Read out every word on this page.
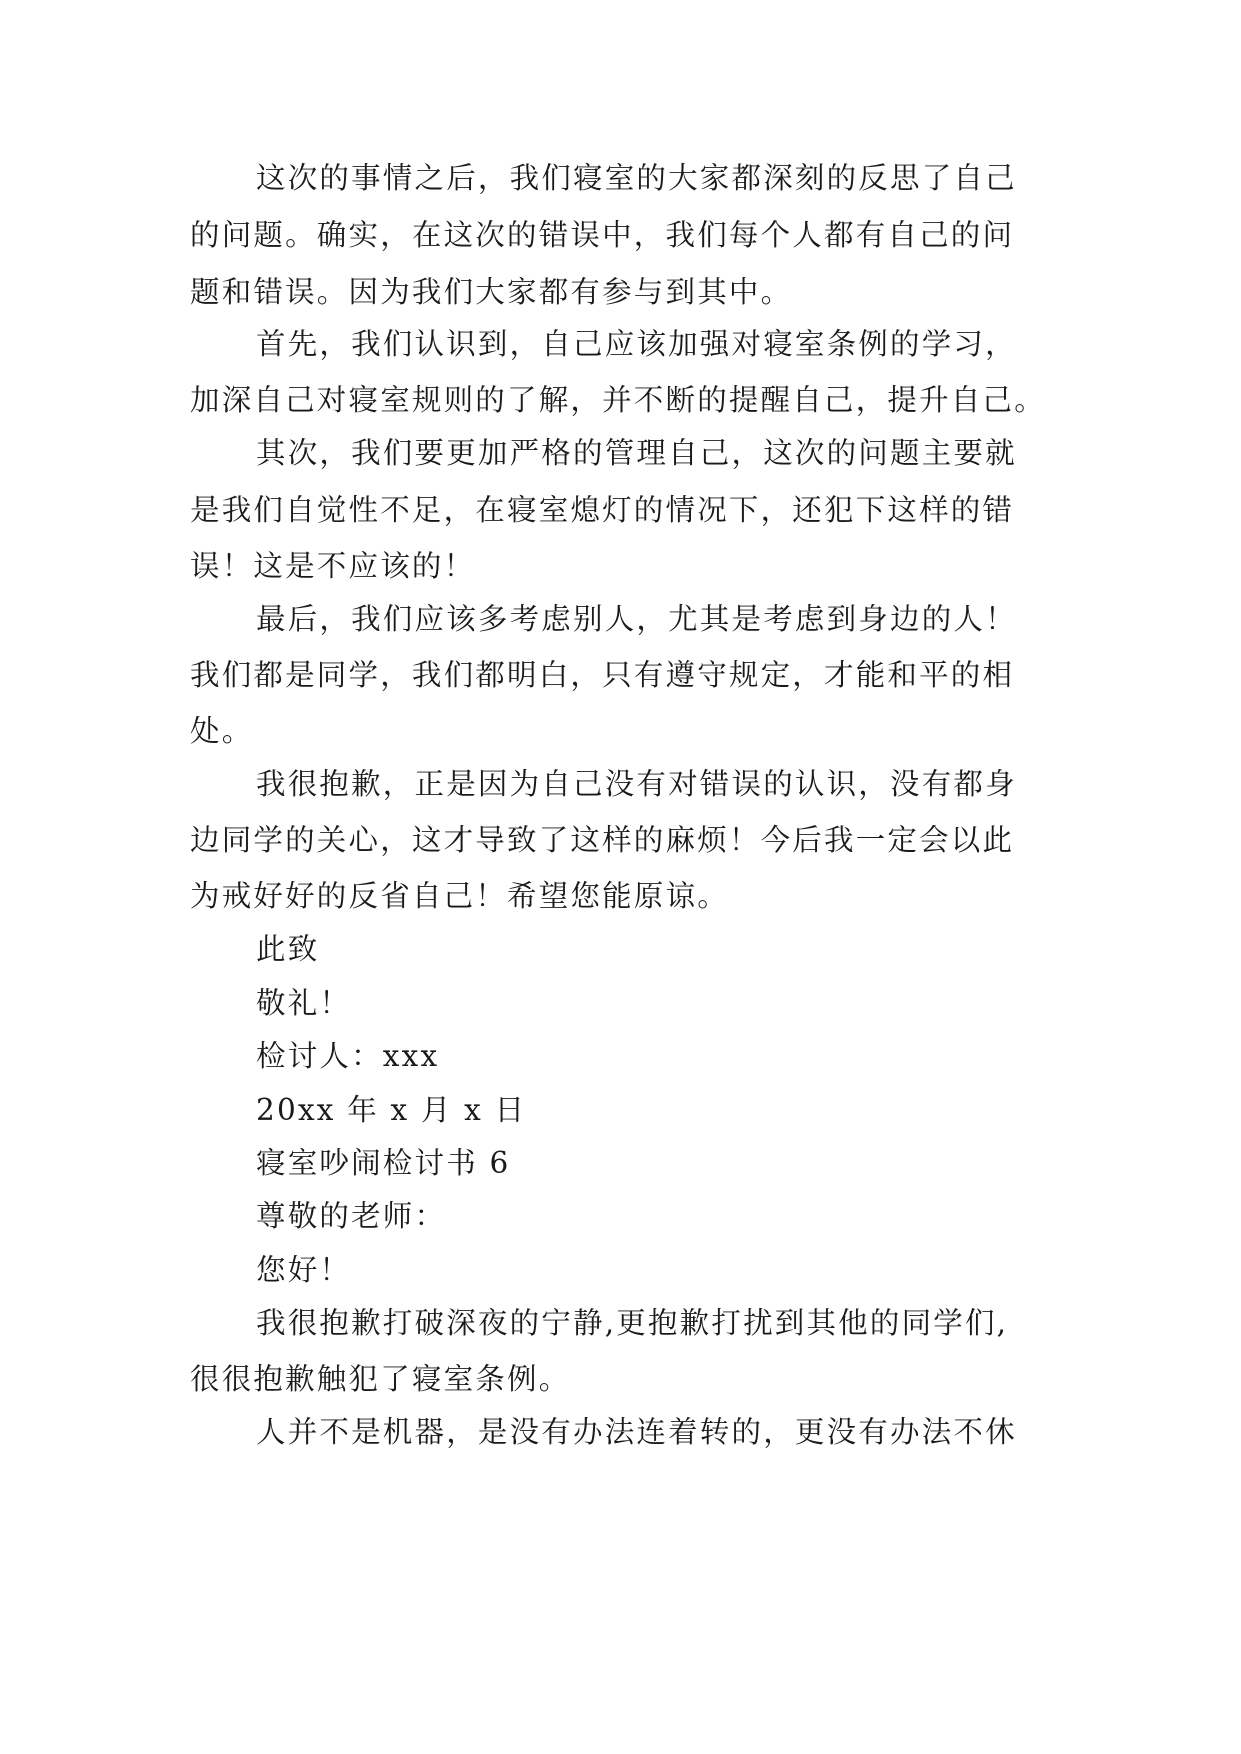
这次的事情之后，我们寝室的大家都深刻的反思了自己
的问题。确实，在这次的错误中，我们每个人都有自己的问
题和错误。因为我们大家都有参与到其中。
首先，我们认识到，自己应该加强对寝室条例的学习，
加深自己对寝室规则的了解，并不断的提醒自己，提升自己。
其次，我们要更加严格的管理自己，这次的问题主要就
是我们自觉性不足，在寝室熄灯的情况下，还犯下这样的错
误！这是不应该的！
最后，我们应该多考虑别人，尤其是考虑到身边的人！
我们都是同学，我们都明白，只有遵守规定，才能和平的相
处。
我很抱歉，正是因为自己没有对错误的认识，没有都身
边同学的关心，这才导致了这样的麻烦！今后我一定会以此
为戒好好的反省自己！希望您能原谅。
此致
敬礼！
检讨人：xxx
20xx 年 x 月 x 日
寝室吵闹检讨书 6
尊敬的老师：
您好！
我很抱歉打破深夜的宁静,更抱歉打扰到其他的同学们,
很很抱歉触犯了寝室条例。
人并不是机器，是没有办法连着转的，更没有办法不休
